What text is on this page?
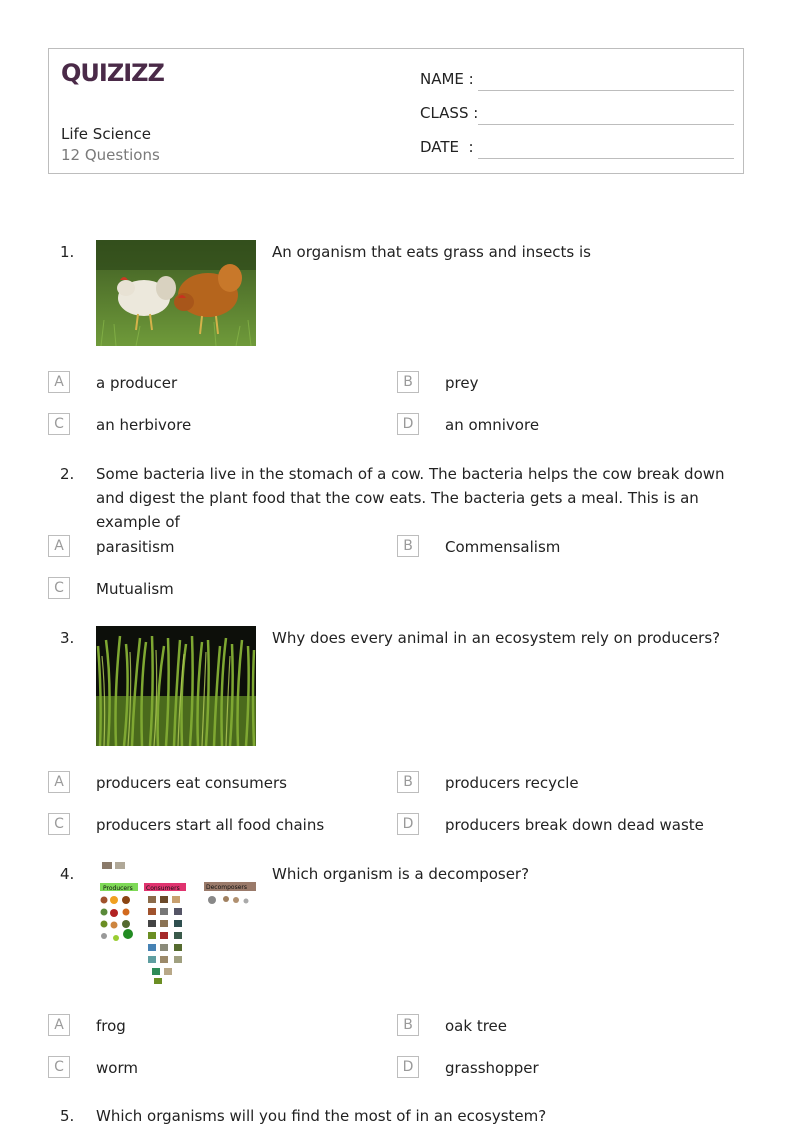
QUIZIZZ
Life Science
12 Questions
NAME :
CLASS :
DATE  :
1.	An organism that eats grass and insects is
A	a producer	B	prey
C	an herbivore	D	an omnivore
2. Some bacteria live in the stomach of a cow. The bacteria helps the cow break down and digest the plant food that the cow eats. The bacteria gets a meal. This is an example of
A	parasitism	B	Commensalism
C	Mutualism
3.	Why does every animal in an ecosystem rely on producers?
A	producers eat consumers	B	producers recycle
C	producers start all food chains	D	producers break down dead waste
4.
Producers Consumers	Decomposers
Which organism is a decomposer?
A	frog	B	oak tree
C	worm	D	grasshopper
5. Which organisms will you find the most of in an ecosystem?
